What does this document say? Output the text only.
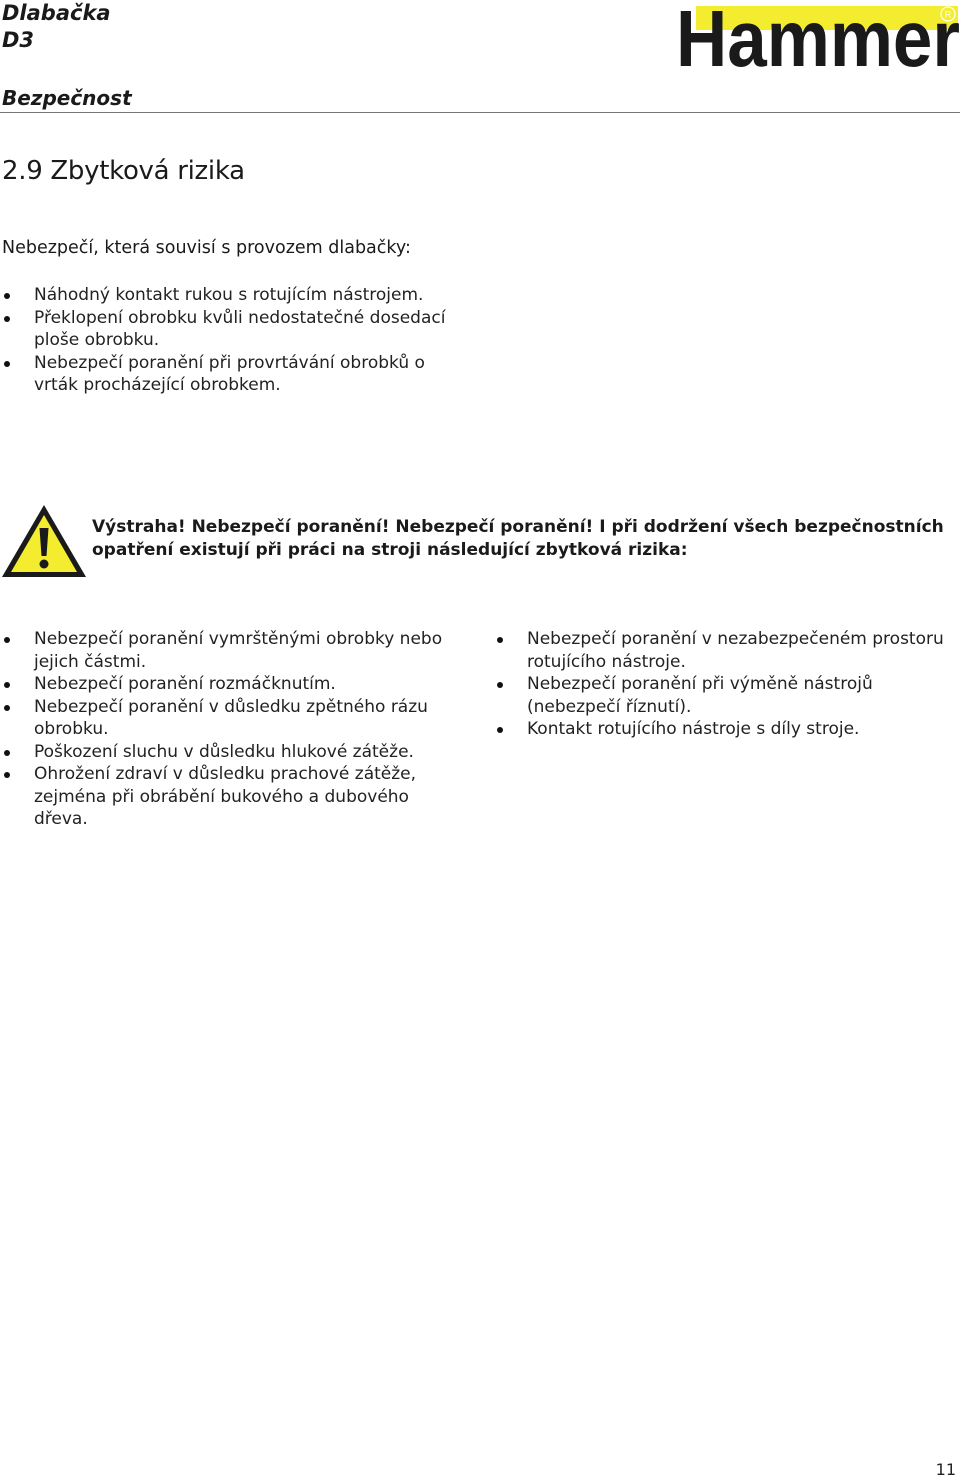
Dlabačka
D3	Hammer
R
Bezpečnost
2.9 Zbytková rizika
Nebezpečí, která souvisí s provozem dlabačky:
Náhodný kontakt rukou s rotujícím nástrojem.
Překlopení obrobku kvůli nedostatečné dosedací ploše obrobku.
Nebezpečí poranění při provrtávání obrobků o vrták procházející obrobkem.
Výstraha! Nebezpečí poranění! Nebezpečí poranění! I při dodržení všech bezpečnostních opatření existují při práci na stroji následující zbytková rizika:
Nebezpečí poranění vymrštěnými obrobky nebo jejich částmi.
Nebezpečí poranění rozmáčknutím.
Nebezpečí poranění v důsledku zpětného rázu obrobku.
Poškození sluchu v důsledku hlukové zátěže.
Ohrožení zdraví v důsledku prachové zátěže, zejména při obrábění bukového a dubového dřeva.
Nebezpečí poranění v nezabezpečeném prostoru rotujícího nástroje.
Nebezpečí poranění při výměně nástrojů (nebezpečí říznutí).
Kontakt rotujícího nástroje s díly stroje.
11
